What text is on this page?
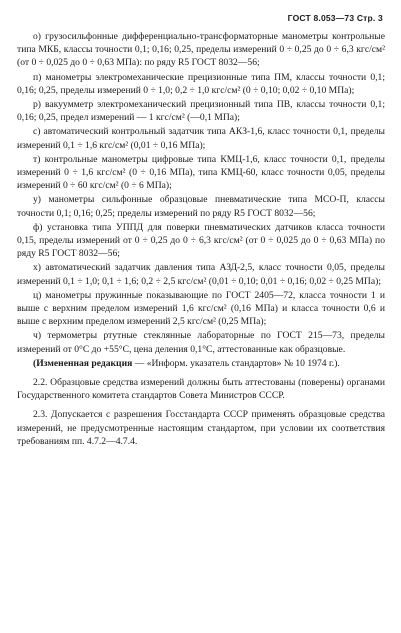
ГОСТ 8.053—73 Стр. 3

о) грузосильфонные дифференциально-трансформаторные манометры контрольные типа МКБ, классы точности 0,1; 0,16; 0,25, пределы измерений 0 ÷ 0,25 до 0 ÷ 6,3 кгс/см² (от 0 ÷ 0,025 до 0 ÷ 0,63 МПа): по ряду R5 ГОСТ 8032—56;

п) манометры электромеханические прецизионные типа ПМ, классы точности 0,1; 0,16; 0,25, пределы измерений 0 ÷ 1,0; 0,2 ÷ 1,0 кгс/см² (0 ÷ 0,10; 0,02 ÷ 0,10 МПа);

р) вакуумметр электромеханический прецизионный типа ПВ, классы точности 0,1; 0,16; 0,25, предел измерений — 1 кгс/см² (—0,1 МПа);

с) автоматический контрольный задатчик типа АКЗ-1,6, класс точности 0,1, пределы измерений 0,1 ÷ 1,6 кгс/см² (0,01 ÷ 0,16 МПа);

т) контрольные манометры цифровые типа КМЦ-1,6, класс точности 0,1, пределы измерений 0 ÷ 1,6 кгс/см² (0 ÷ 0,16 МПа), типа КМЦ-60, класс точности 0,05, пределы измерений 0 ÷ 60 кгс/см² (0 ÷ 6 МПа);

у) манометры сильфонные образцовые пневматические типа МСО-П, классы точности 0,1; 0,16; 0,25; пределы измерений по ряду R5 ГОСТ 8032—56;

ф) установка типа УППД для поверки пневматических датчиков класса точности 0,15, пределы измерений от 0 ÷ 0,25 до 0 ÷ 6,3 кгс/см² (от 0 ÷ 0,025 до 0 ÷ 0,63 МПа) по ряду R5 ГОСТ 8032—56;

х) автоматический задатчик давления типа АЗД-2,5, класс точности 0,05, пределы измерений 0,1 ÷ 1,0; 0,1 ÷ 1,6; 0,2 ÷ 2,5 кгс/см² (0,01 ÷ 0,10; 0,01 ÷ 0,16; 0,02 ÷ 0,25 МПа);

ц) манометры пружинные показывающие по ГОСТ 2405—72, класса точности 1 и выше с верхним пределом измерений 1,6 кгс/см² (0,16 МПа) и класса точности 0,6 и выше с верхним пределом измерений 2,5 кгс/см² (0,25 МПа);

ч) термометры ртутные стеклянные лабораторные по ГОСТ 215—73, пределы измерений от 0°С до +55°С, цена деления 0,1°С, аттестованные как образцовые.

(Измененная редакция — «Информ. указатель стандартов» № 10 1974 г.).

2.2. Образцовые средства измерений должны быть аттестованы (поверены) органами Государственного комитета стандартов Совета Министров СССР.

2.3. Допускается с разрешения Госстандарта СССР применять образцовые средства измерений, не предусмотренные настоящим стандартом, при условии их соответствия требованиям пп. 4.7.2—4.7.4.
